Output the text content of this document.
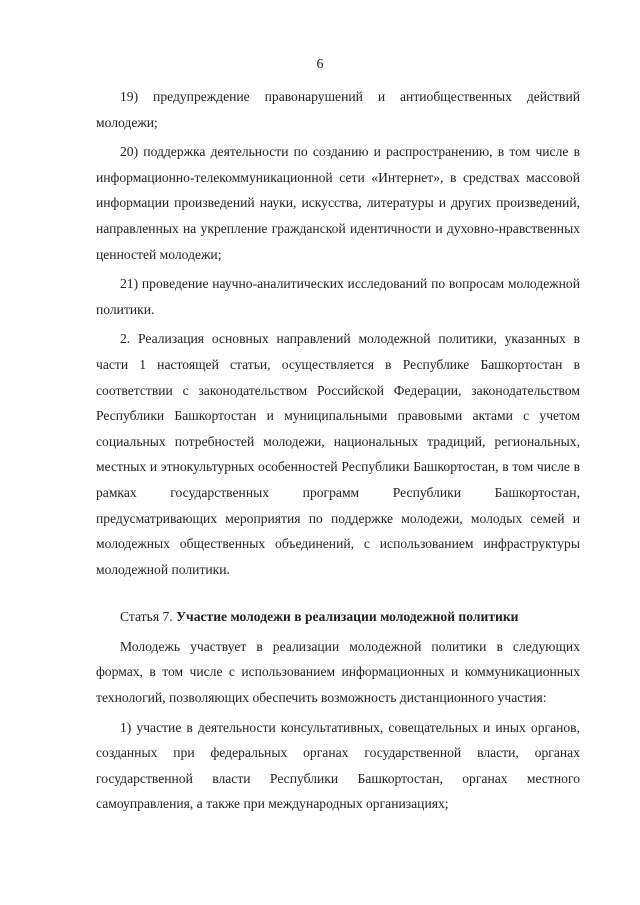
6

19) предупреждение правонарушений и антиобщественных действий молодежи;

20) поддержка деятельности по созданию и распространению, в том числе в информационно-телекоммуникационной сети «Интернет», в средствах массовой информации произведений науки, искусства, литературы и других произведений, направленных на укрепление гражданской идентичности и духовно-нравственных ценностей молодежи;

21) проведение научно-аналитических исследований по вопросам молодежной политики.

2. Реализация основных направлений молодежной политики, указанных в части 1 настоящей статьи, осуществляется в Республике Башкортостан в соответствии с законодательством Российской Федерации, законодательством Республики Башкортостан и муниципальными правовыми актами с учетом социальных потребностей молодежи, национальных традиций, региональных, местных и этнокультурных особенностей Республики Башкортостан, в том числе в рамках государственных программ Республики Башкортостан, предусматривающих мероприятия по поддержке молодежи, молодых семей и молодежных общественных объединений, с использованием инфраструктуры молодежной политики.

Статья 7. Участие молодежи в реализации молодежной политики

Молодежь участвует в реализации молодежной политики в следующих формах, в том числе с использованием информационных и коммуникационных технологий, позволяющих обеспечить возможность дистанционного участия:

1) участие в деятельности консультативных, совещательных и иных органов, созданных при федеральных органах государственной власти, органах государственной власти Республики Башкортостан, органах местного самоуправления, а также при международных организациях;
